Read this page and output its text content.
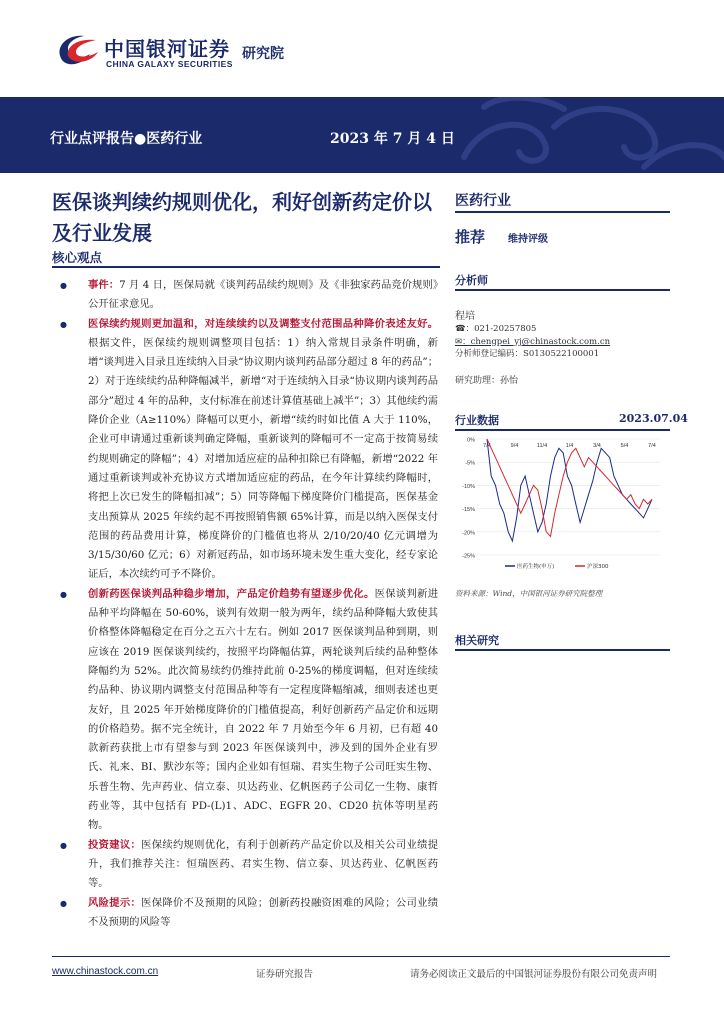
中国银河证券
CHINA GALAXY SECURITIES
研究院
行业点评报告●医药行业	2023 年 7 月 4 日
医保谈判续约规则优化，利好创新药定价以及行业发展
核心观点
● 事件：7 月 4 日，医保局就《谈判药品续约规则》及《非独家药品竞价规则》公开征求意见。
● 医保续约规则更加温和，对连续续约以及调整支付范围品种降价表述友好。根据文件，医保续约规则调整项目包括：1）纳入常规目录条件明确，新增“谈判进入目录且连续纳入目录“协议期内谈判药品部分超过 8 年的药品”；2）对于连续续约品种降幅减半，新增“对于连续纳入目录“协议期内谈判药品部分”超过 4 年的品种，支付标准在前述计算值基础上减半”；3）其他续约需降价企业（A≥110%）降幅可以更小，新增“续约时如比值 A 大于 110%，企业可申请通过重新谈判确定降幅，重新谈判的降幅可不一定高于按简易续约规则确定的降幅”；4）对增加适应症的品种扣除已有降幅，新增“2022 年通过重新谈判或补充协议方式增加适应症的药品，在今年计算续约降幅时，将把上次已发生的降幅扣减”；5）同等降幅下梯度降价门槛提高，医保基金支出预算从 2025 年续约起不再按照销售额 65%计算，而是以纳入医保支付范围的药品费用计算，梯度降价的门槛值也将从 2/10/20/40 亿元调增为 3/15/30/60 亿元；6）对新冠药品，如市场环境未发生重大变化，经专家论证后，本次续约可予不降价。
● 创新药医保谈判品种稳步增加，产品定价趋势有望逐步优化。医保谈判新进品种平均降幅在 50-60%，谈判有效期一般为两年，续约品种降幅大致使其价格整体降幅稳定在百分之五六十左右。例如 2017 医保谈判品种到期，则应该在 2019 医保谈判续约，按照平均降幅估算，两轮谈判后续约品种整体降幅约为 52%。此次简易续约仍维持此前 0-25%的梯度调幅，但对连续续约品种、协议期内调整支付范围品种等有一定程度降幅缩减，细则表述也更友好，且 2025 年开始梯度降价的门槛值提高，利好创新药产品定价和远期的价格趋势。据不完全统计，自 2022 年 7 月始至今年 6 月初，已有超 40 款新药获批上市有望参与到 2023 年医保谈判中，涉及到的国外企业有罗氏、礼来、BI、默沙东等；国内企业如有恒瑞、君实生物子公司旺实生物、乐普生物、先声药业、信立泰、贝达药业、亿帆医药子公司亿一生物、康哲药业等，其中包括有 PD-(L)1、ADC、EGFR 20、CD20 抗体等明星药物。
● 投资建议：医保续约规则优化，有利于创新药产品定价以及相关公司业绩提升，我们推荐关注：恒瑞医药、君实生物、信立泰、贝达药业、亿帆医药等。
● 风险提示：医保降价不及预期的风险；创新药投融资困难的风险；公司业绩不及预期的风险等
医药行业
推荐 维持评级
分析师
程培
☎：021-20257805
✉：chengpei_yj@chinastock.com.cn
分析师登记编码：S0130522100001
研究助理：孙怡
行业数据	2023.07.04
0%
-5%
-10%
-15%
-20%
-25%
7/4	9/4	11/4	1/4	3/4	5/4	7/4
医药生物(申万)	沪深300
资料来源：Wind，中国银河证券研究院整理
相关研究
www.chinastock.com.cn	证券研究报告	请务必阅读正文最后的中国银河证券股份有限公司免责声明
